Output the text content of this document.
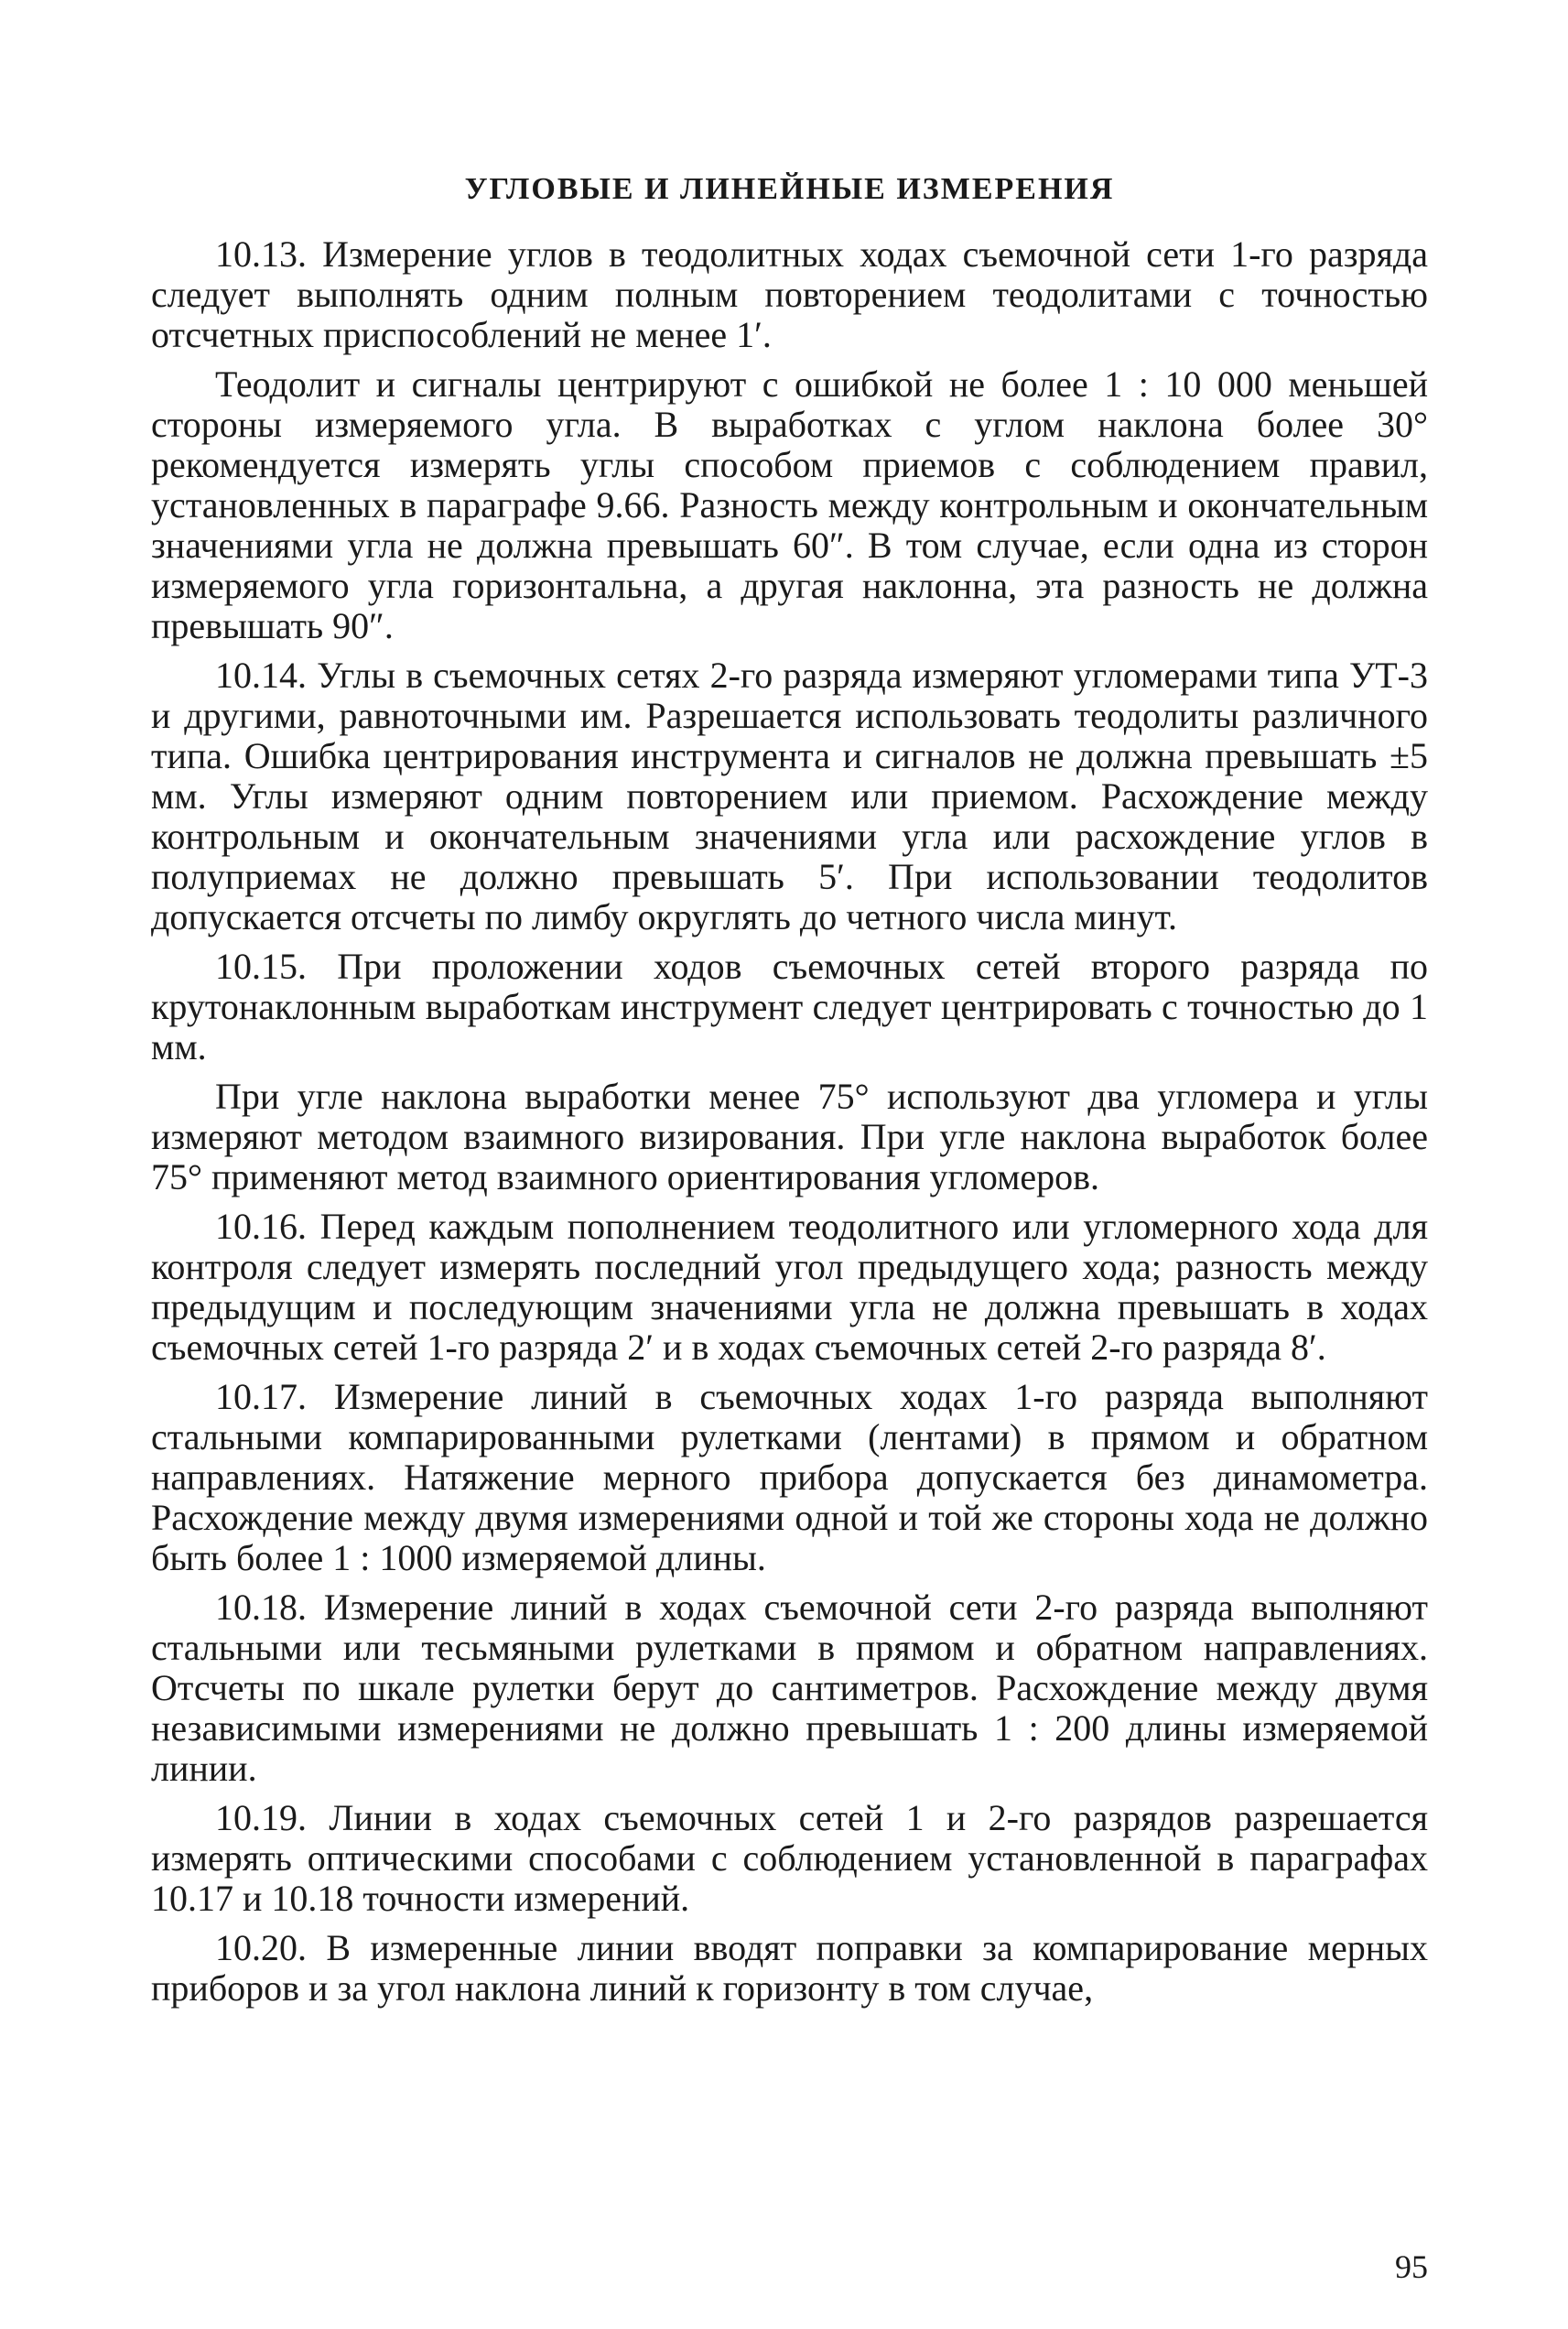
УГЛОВЫЕ И ЛИНЕЙНЫЕ ИЗМЕРЕНИЯ

10.13. Измерение углов в теодолитных ходах съемочной сети 1-го разряда следует выполнять одним полным повторением теодолитами с точностью отсчетных приспособлений не менее 1′.

Теодолит и сигналы центрируют с ошибкой не более 1 : 10 000 меньшей стороны измеряемого угла. В выработках с углом наклона более 30° рекомендуется измерять углы способом приемов с соблюдением правил, установленных в параграфе 9.66. Разность между контрольным и окончательным значениями угла не должна превышать 60″. В том случае, если одна из сторон измеряемого угла горизонтальна, а другая наклонна, эта разность не должна превышать 90″.

10.14. Углы в съемочных сетях 2-го разряда измеряют угломерами типа УТ-3 и другими, равноточными им. Разрешается использовать теодолиты различного типа. Ошибка центрирования инструмента и сигналов не должна превышать ±5 мм. Углы измеряют одним повторением или приемом. Расхождение между контрольным и окончательным значениями угла или расхождение углов в полуприемах не должно превышать 5′. При использовании теодолитов допускается отсчеты по лимбу округлять до четного числа минут.

10.15. При проложении ходов съемочных сетей второго разряда по крутонаклонным выработкам инструмент следует центрировать с точностью до 1 мм.

При угле наклона выработки менее 75° используют два угломера и углы измеряют методом взаимного визирования. При угле наклона выработок более 75° применяют метод взаимного ориентирования угломеров.

10.16. Перед каждым пополнением теодолитного или угломерного хода для контроля следует измерять последний угол предыдущего хода; разность между предыдущим и последующим значениями угла не должна превышать в ходах съемочных сетей 1-го разряда 2′ и в ходах съемочных сетей 2-го разряда 8′.

10.17. Измерение линий в съемочных ходах 1-го разряда выполняют стальными компарированными рулетками (лентами) в прямом и обратном направлениях. Натяжение мерного прибора допускается без динамометра. Расхождение между двумя измерениями одной и той же стороны хода не должно быть более 1 : 1000 измеряемой длины.

10.18. Измерение линий в ходах съемочной сети 2-го разряда выполняют стальными или тесьмяными рулетками в прямом и обратном направлениях. Отсчеты по шкале рулетки берут до сантиметров. Расхождение между двумя независимыми измерениями не должно превышать 1 : 200 длины измеряемой линии.

10.19. Линии в ходах съемочных сетей 1 и 2-го разрядов разрешается измерять оптическими способами с соблюдением установленной в параграфах 10.17 и 10.18 точности измерений.

10.20. В измеренные линии вводят поправки за компарирование мерных приборов и за угол наклона линий к горизонту в том случае,

95
